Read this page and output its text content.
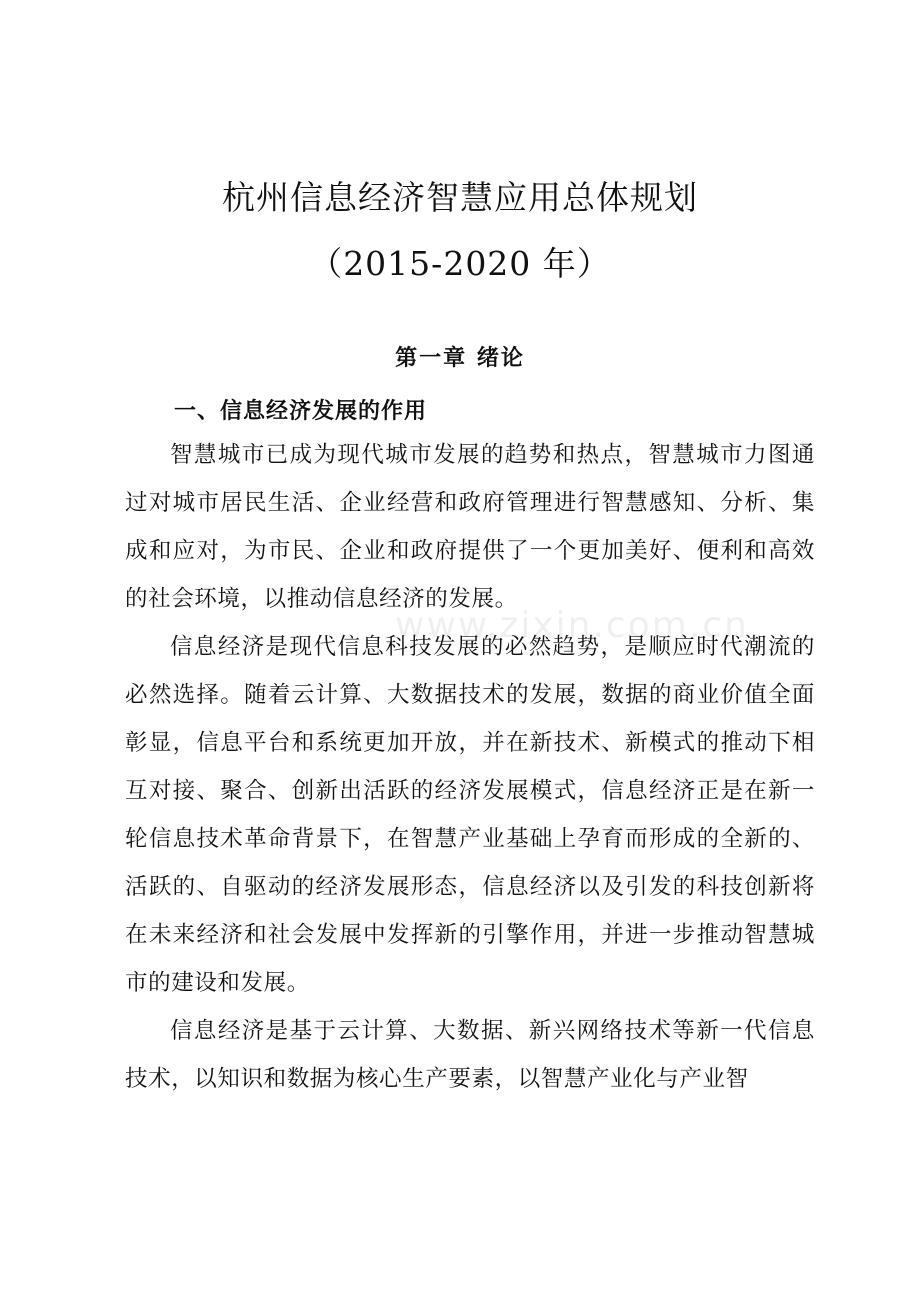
杭州信息经济智慧应用总体规划
（2015-2020 年）
第一章 绪论
一、信息经济发展的作用

智慧城市已成为现代城市发展的趋势和热点，智慧城市力图通过对城市居民生活、企业经营和政府管理进行智慧感知、分析、集成和应对，为市民、企业和政府提供了一个更加美好、便利和高效的社会环境，以推动信息经济的发展。

信息经济是现代信息科技发展的必然趋势，是顺应时代潮流的必然选择。随着云计算、大数据技术的发展，数据的商业价值全面彰显，信息平台和系统更加开放，并在新技术、新模式的推动下相互对接、聚合、创新出活跃的经济发展模式，信息经济正是在新一轮信息技术革命背景下，在智慧产业基础上孕育而形成的全新的、活跃的、自驱动的经济发展形态，信息经济以及引发的科技创新将在未来经济和社会发展中发挥新的引擎作用，并进一步推动智慧城市的建设和发展。

信息经济是基于云计算、大数据、新兴网络技术等新一代信息技术，以知识和数据为核心生产要素，以智慧产业化与产业智

www.zixin.com.cn
